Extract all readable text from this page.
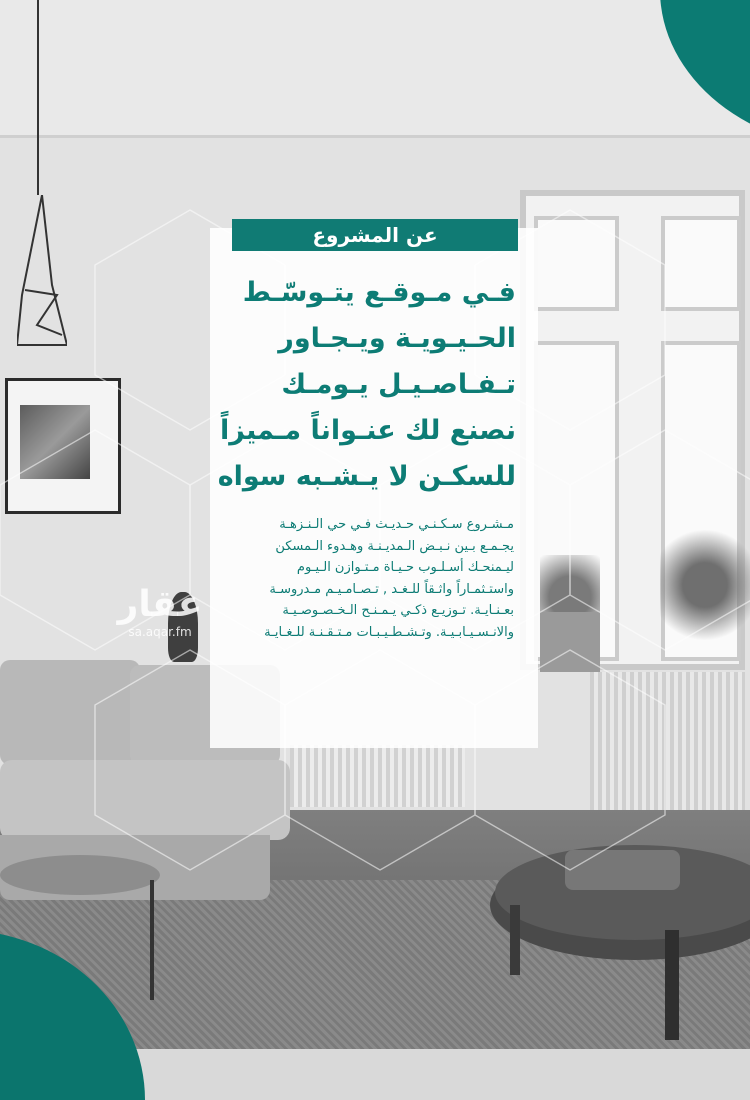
عن المشروع
فـي مـوقـع يتـوسّـط
الحـيـويـة ويـجـاور
تـفـاصـيـل يـومـك
نصنع لك عنـواناً مـميزاً
للسكـن لا يـشـبه سواه
مـشـروع سـكـنـي حـديـث فـي حي الـنـزهـة
يجـمـع بـين نـبـض الـمديـنـة وهـدوء الـمسكن
ليـمنحـك أسـلـوب حـيـاة مـتـوازن الـيـوم
واستـثمـاراً واثـقاً للـغـد , تـصـامـيـم مـدروسـة
بعـنـايـة. تـوزيـع ذكـي يـمـنـح الـخـصـوصـيـة
والانـسـيـابـيـة. وتـشـطـيـبـات مـتـقـنـة للـغـايـة
عقار
sa.aqar.fm
